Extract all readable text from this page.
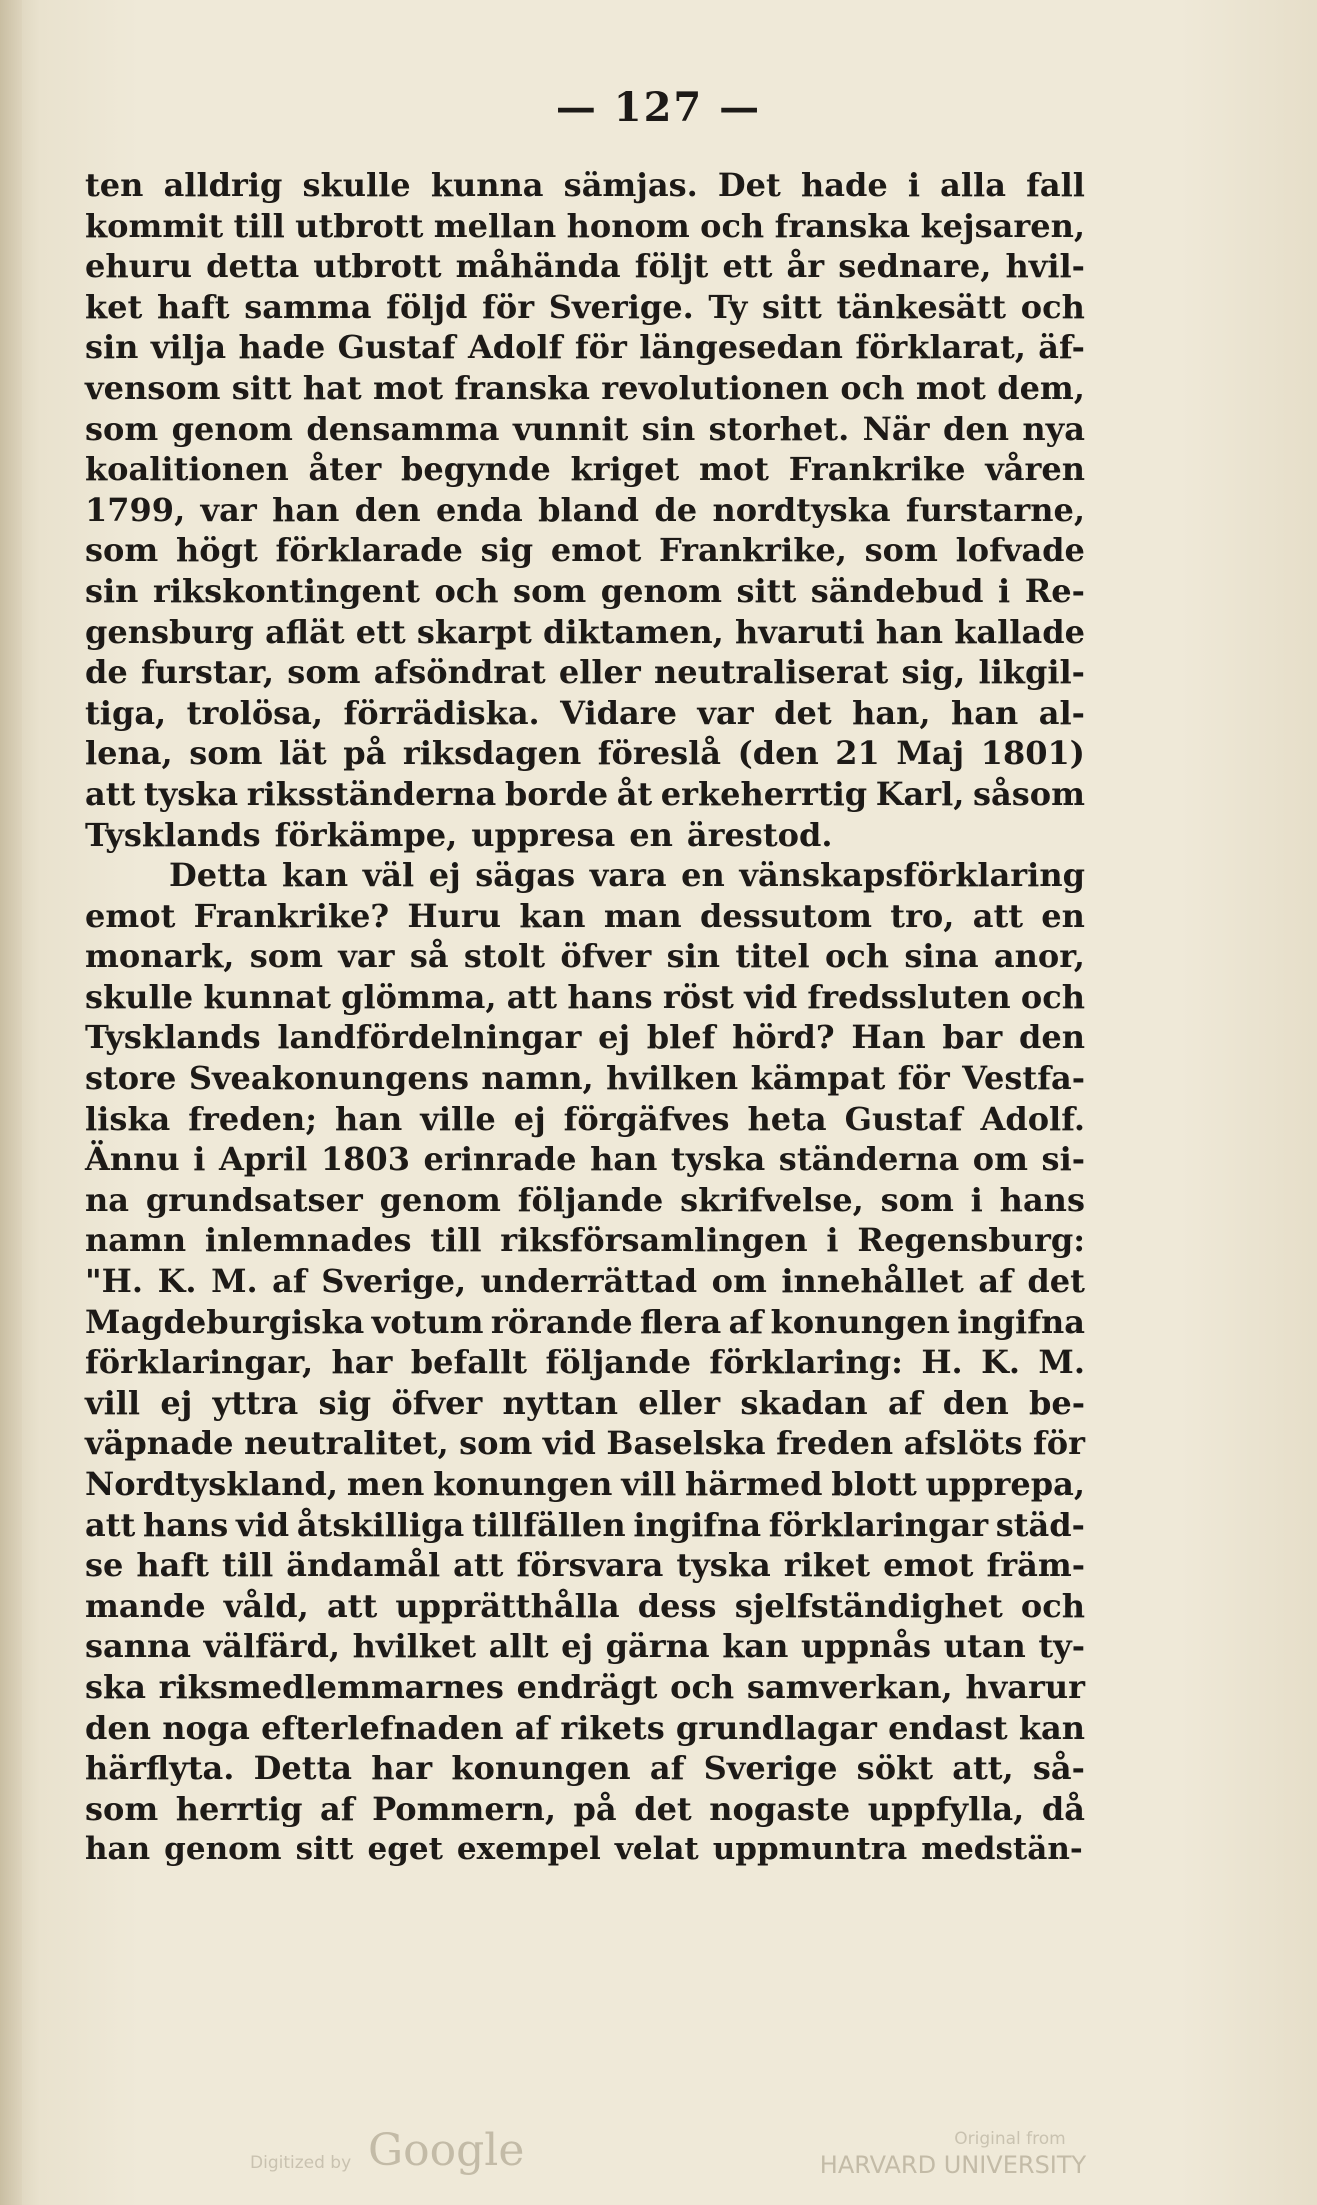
— 127 —
ten alldrig skulle kunna sämjas. Det hade i alla fall
kommit till utbrott mellan honom och franska kejsaren,
ehuru detta utbrott måhända följt ett år sednare, hvil-
ket haft samma följd för Sverige. Ty sitt tänkesätt och
sin vilja hade Gustaf Adolf för längesedan förklarat, äf-
vensom sitt hat mot franska revolutionen och mot dem,
som genom densamma vunnit sin storhet. När den nya
koalitionen åter begynde kriget mot Frankrike våren
1799, var han den enda bland de nordtyska furstarne,
som högt förklarade sig emot Frankrike, som lofvade
sin rikskontingent och som genom sitt sändebud i Re-
gensburg aflät ett skarpt diktamen, hvaruti han kallade
de furstar, som afsöndrat eller neutraliserat sig, likgil-
tiga, trolösa, förrädiska. Vidare var det han, han al-
lena, som lät på riksdagen föreslå (den 21 Maj 1801)
att tyska riksständerna borde åt erkeherrtig Karl, såsom
Tysklands förkämpe, uppresa en ärestod.
Detta kan väl ej sägas vara en vänskapsförklaring
emot Frankrike? Huru kan man dessutom tro, att en
monark, som var så stolt öfver sin titel och sina anor,
skulle kunnat glömma, att hans röst vid fredssluten och
Tysklands landfördelningar ej blef hörd? Han bar den
store Sveakonungens namn, hvilken kämpat för Vestfa-
liska freden; han ville ej förgäfves heta Gustaf Adolf.
Ännu i April 1803 erinrade han tyska ständerna om si-
na grundsatser genom följande skrifvelse, som i hans
namn inlemnades till riksförsamlingen i Regensburg:
"H. K. M. af Sverige, underrättad om innehållet af det
Magdeburgiska votum rörande flera af konungen ingifna
förklaringar, har befallt följande förklaring: H. K. M.
vill ej yttra sig öfver nyttan eller skadan af den be-
väpnade neutralitet, som vid Baselska freden afslöts för
Nordtyskland, men konungen vill härmed blott upprepa,
att hans vid åtskilliga tillfällen ingifna förklaringar städ-
se haft till ändamål att försvara tyska riket emot främ-
mande våld, att upprätthålla dess sjelfständighet och
sanna välfärd, hvilket allt ej gärna kan uppnås utan ty-
ska riksmedlemmarnes endrägt och samverkan, hvarur
den noga efterlefnaden af rikets grundlagar endast kan
härflyta. Detta har konungen af Sverige sökt att, så-
som herrtig af Pommern, på det nogaste uppfylla, då
han genom sitt eget exempel velat uppmuntra medstän-
Digitized by Google	Original from
HARVARD UNIVERSITY
